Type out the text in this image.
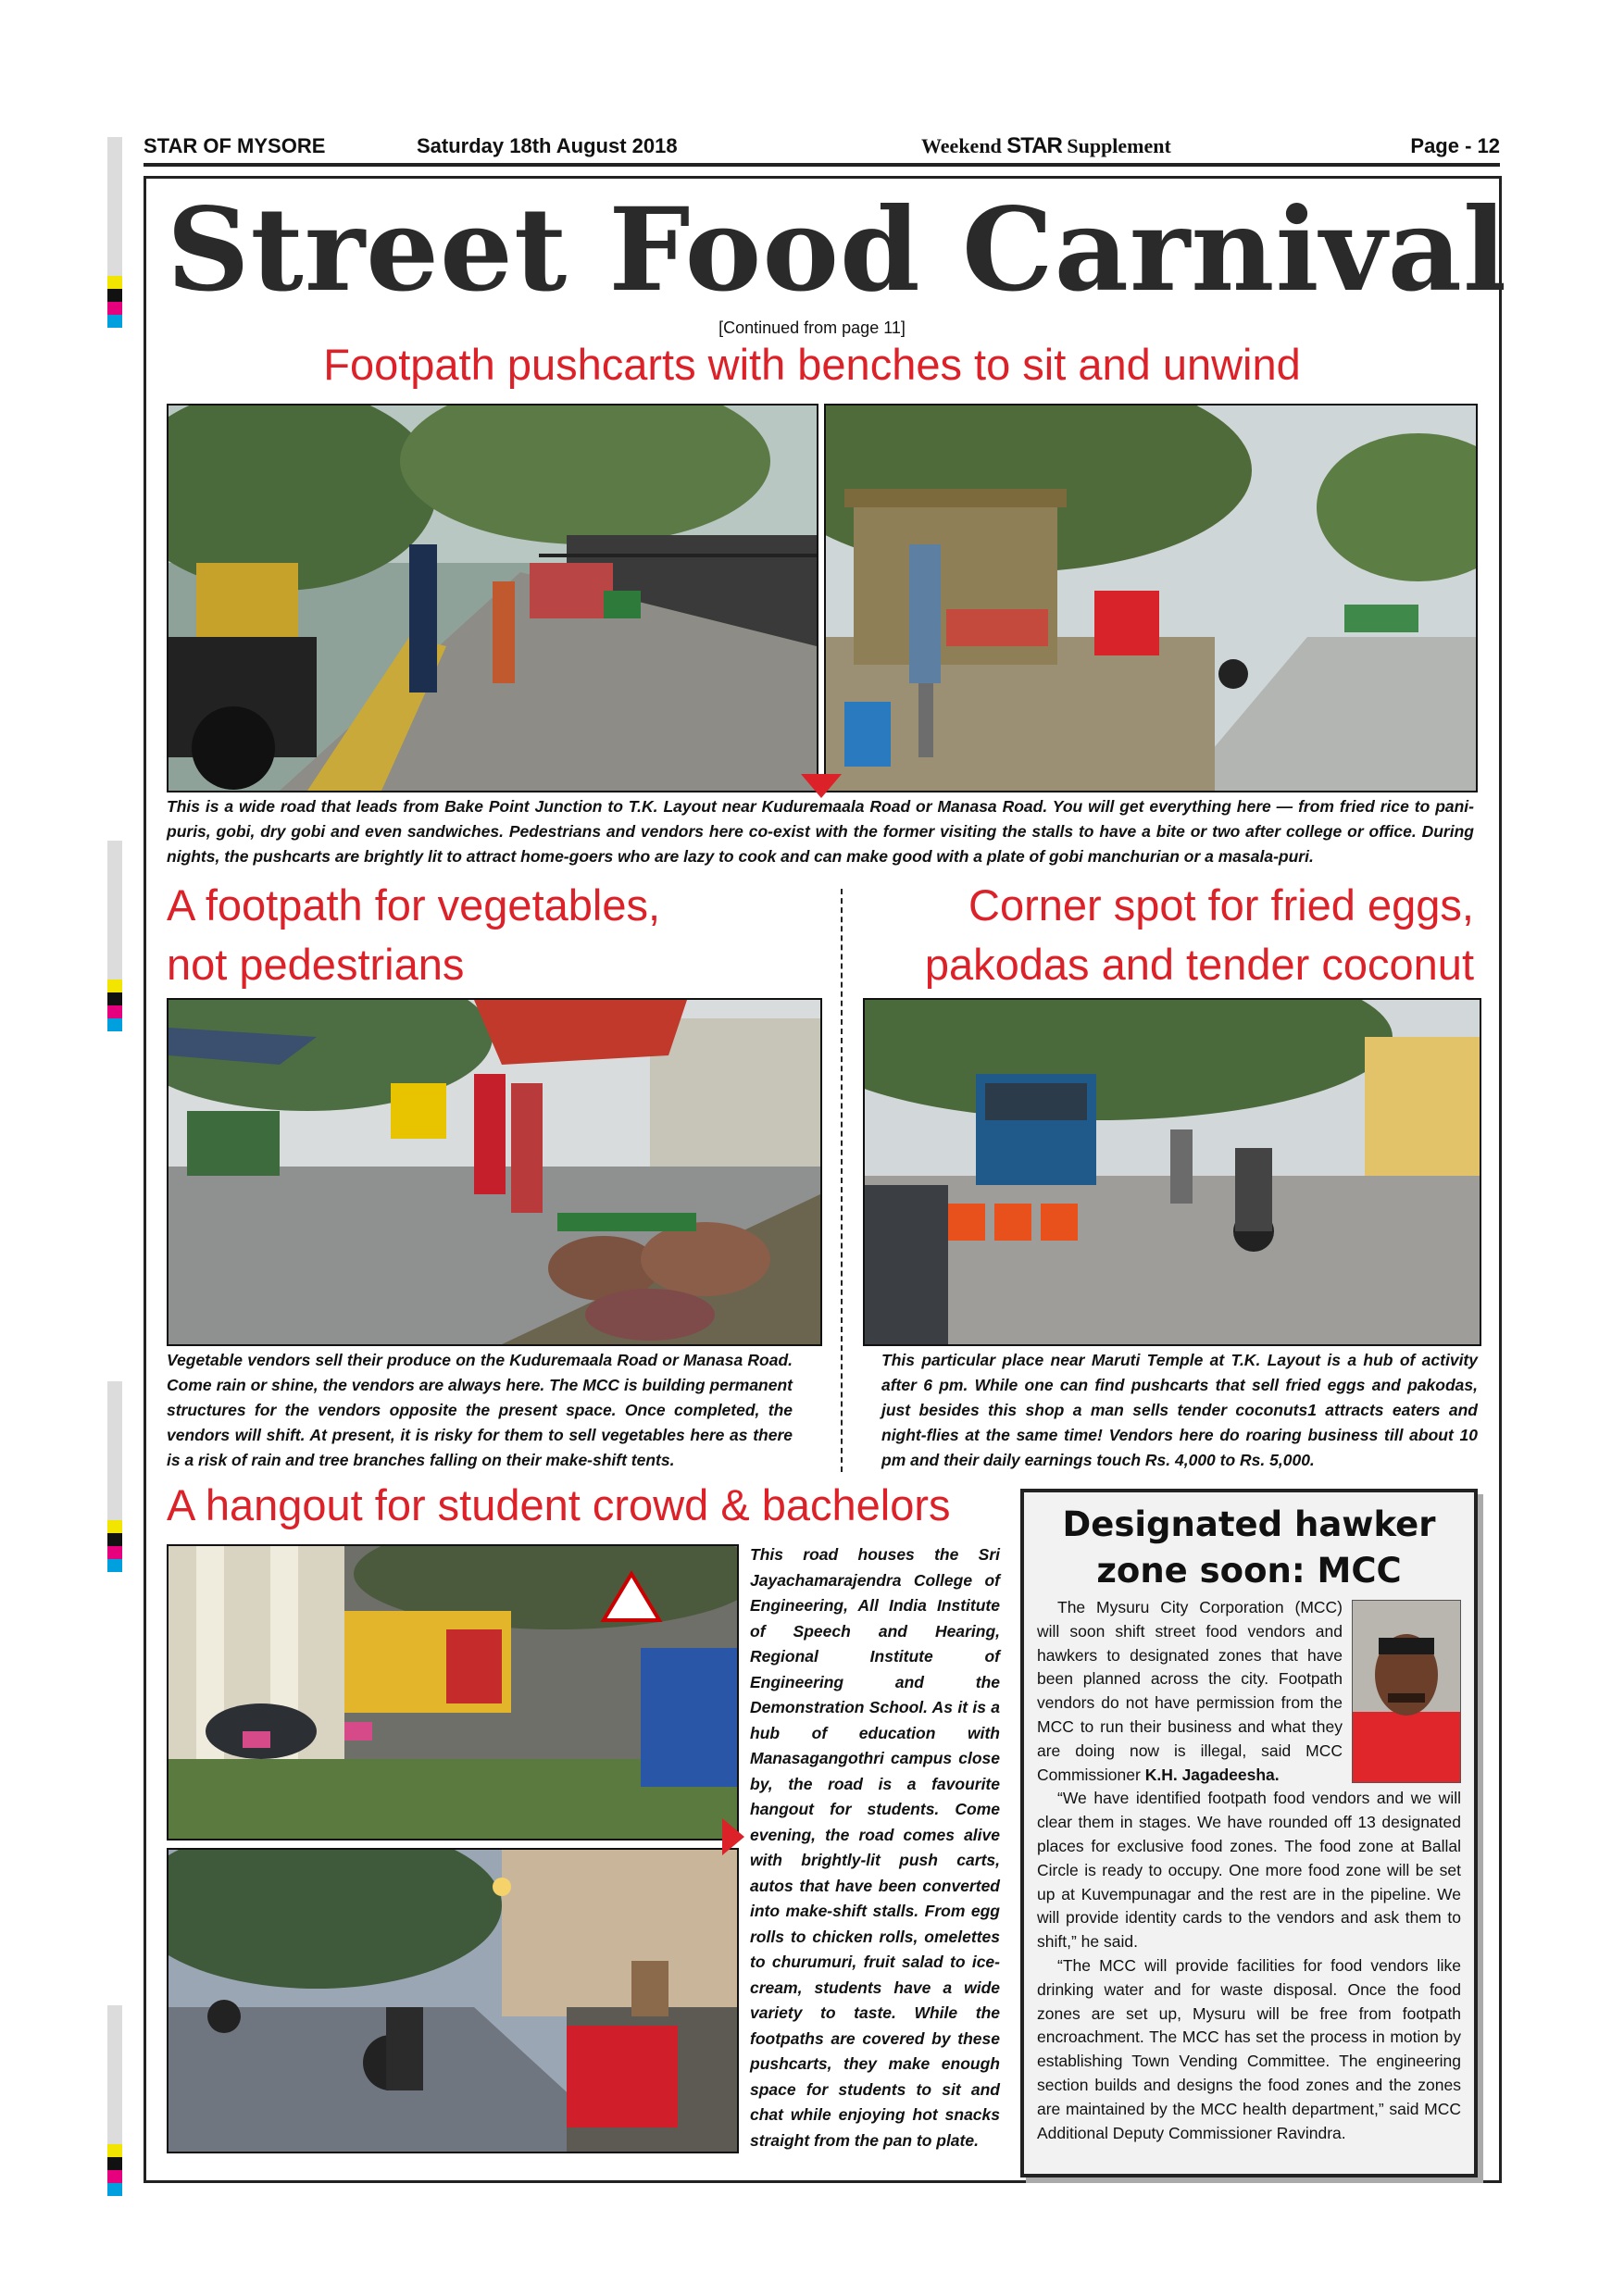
STAR OF MYSORE	Saturday 18th August 2018	Weekend STAR Supplement	Page - 12
Street Food Carnival
[Continued from page 11]
Footpath pushcarts with benches to sit and unwind
This is a wide road that leads from Bake Point Junction to T.K. Layout near Kuduremaala Road or Manasa Road. You will get everything here — from fried rice to pani-puris, gobi, dry gobi and even sandwiches. Pedestrians and vendors here co-exist with the former visiting the stalls to have a bite or two after college or office. During nights, the pushcarts are brightly lit to attract home-goers who are lazy to cook and can make good with a plate of gobi manchurian or a masala-puri.
A footpath for vegetables,
not pedestrians
Corner spot for fried eggs,
pakodas and tender coconut
Vegetable vendors sell their produce on the Kuduremaala Road or Manasa Road. Come rain or shine, the vendors are always here. The MCC is building permanent structures for the vendors opposite the present space. Once completed, the vendors will shift. At present, it is risky for them to sell vegetables here as there is a risk of rain and tree branches falling on their make-shift tents.
This particular place near Maruti Temple at T.K. Layout is a hub of activity after 6 pm. While one can find pushcarts that sell fried eggs and pakodas, just besides this shop a man sells tender coconuts1 attracts eaters and night-flies at the same time! Vendors here do roaring business till about 10 pm and their daily earnings touch Rs. 4,000 to Rs. 5,000.
A hangout for student crowd & bachelors
This road houses the Sri Jayachamarajendra College of Engineering, All India Institute of Speech and Hearing, Regional Institute of Engineering and the Demonstration School. As it is a hub of education with Manasagangothri campus close by, the road is a favourite hangout for students. Come evening, the road comes alive with brightly-lit push carts, autos that have been converted into make-shift stalls. From egg rolls to chicken rolls, omelettes to churumuri, fruit salad to ice-cream, students have a wide variety to taste. While the footpaths are covered by these pushcarts, they make enough space for students to sit and chat while enjoying hot snacks straight from the pan to plate.
Designated hawker
zone soon: MCC

The Mysuru City Corporation (MCC) will soon shift street food vendors and hawkers to designated zones that have been planned across the city. Footpath vendors do not have permission from the MCC to run their business and what they are doing now is illegal, said MCC Commissioner K.H. Jagadeesha.

“We have identified footpath food vendors and we will clear them in stages. We have rounded off 13 designated places for exclusive food zones. The food zone at Ballal Circle is ready to occupy. One more food zone will be set up at Kuvempunagar and the rest are in the pipeline. We will provide identity cards to the vendors and ask them to shift,” he said.

“The MCC will provide facilities for food vendors like drinking water and for waste disposal. Once the food zones are set up, Mysuru will be free from footpath encroachment. The MCC has set the process in motion by establishing Town Vending Committee. The engineering section builds and designs the food zones and the zones are maintained by the MCC health department,” said MCC Additional Deputy Commissioner Ravindra.
